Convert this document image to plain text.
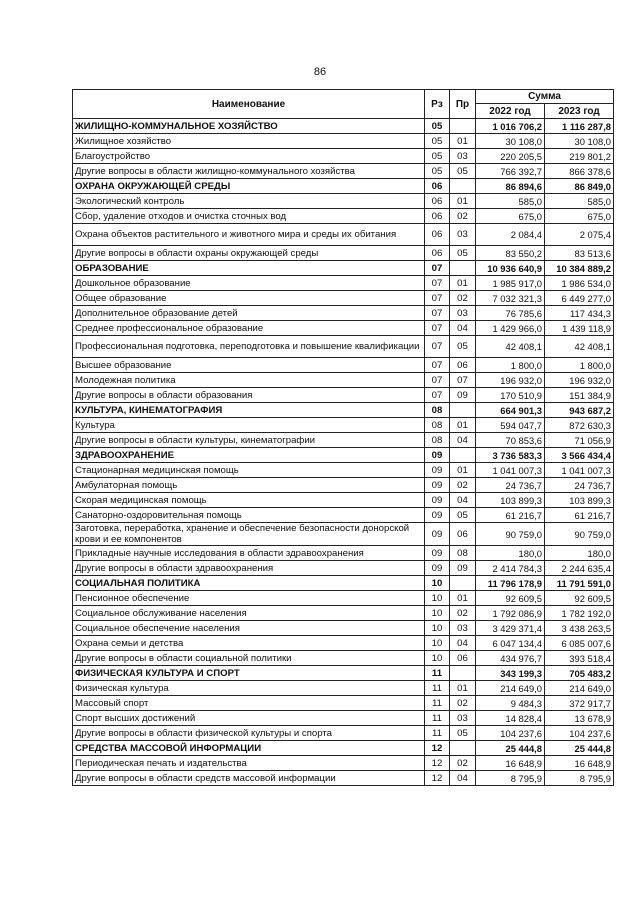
86
Наименование	Рз	Пр	Сумма	
			2022 год	2023 год
ЖИЛИЩНО-КОММУНАЛЬНОЕ ХОЗЯЙСТВО	05		1 016 706,2	1 116 287,8
Жилищное хозяйство	05	01	30 108,0	30 108,0
Благоустройство	05	03	220 205,5	219 801,2
Другие вопросы в области жилищно-коммунального хозяйства	05	05	766 392,7	866 378,6
ОХРАНА ОКРУЖАЮЩЕЙ СРЕДЫ	06		86 894,6	86 849,0
Экологический контроль	06	01	585,0	585,0
Сбор, удаление отходов и очистка сточных вод	06	02	675,0	675,0
Охрана объектов растительного и животного мира и среды их обитания	06	03	2 084,4	2 075,4
Другие вопросы в области охраны окружающей среды	06	05	83 550,2	83 513,6
ОБРАЗОВАНИЕ	07		10 936 640,9	10 384 889,2
Дошкольное образование	07	01	1 985 917,0	1 986 534,0
Общее образование	07	02	7 032 321,3	6 449 277,0
Дополнительное образование детей	07	03	76 785,6	117 434,3
Среднее профессиональное образование	07	04	1 429 966,0	1 439 118,9
Профессиональная подготовка, переподготовка и повышение квалификации	07	05	42 408,1	42 408,1
Высшее образование	07	06	1 800,0	1 800,0
Молодежная политика	07	07	196 932,0	196 932,0
Другие вопросы в области образования	07	09	170 510,9	151 384,9
КУЛЬТУРА, КИНЕМАТОГРАФИЯ	08		664 901,3	943 687,2
Культура	08	01	594 047,7	872 630,3
Другие вопросы в области культуры, кинематографии	08	04	70 853,6	71 056,9
ЗДРАВООХРАНЕНИЕ	09		3 736 583,3	3 566 434,4
Стационарная медицинская помощь	09	01	1 041 007,3	1 041 007,3
Амбулаторная помощь	09	02	24 736,7	24 736,7
Скорая медицинская помощь	09	04	103 899,3	103 899,3
Санаторно-оздоровительная помощь	09	05	61 216,7	61 216,7
Заготовка, переработка, хранение и обеспечение безопасности донорской крови и ее компонентов	09	06	90 759,0	90 759,0
Прикладные научные исследования в области здравоохранения	09	08	180,0	180,0
Другие вопросы в области здравоохранения	09	09	2 414 784,3	2 244 635,4
СОЦИАЛЬНАЯ ПОЛИТИКА	10		11 796 178,9	11 791 591,0
Пенсионное обеспечение	10	01	92 609,5	92 609,5
Социальное обслуживание населения	10	02	1 792 086,9	1 782 192,0
Социальное обеспечение населения	10	03	3 429 371,4	3 438 263,5
Охрана семьи и детства	10	04	6 047 134,4	6 085 007,6
Другие вопросы в области социальной политики	10	06	434 976,7	393 518,4
ФИЗИЧЕСКАЯ КУЛЬТУРА И СПОРТ	11		343 199,3	705 483,2
Физическая культура	11	01	214 649,0	214 649,0
Массовый спорт	11	02	9 484,3	372 917,7
Спорт высших достижений	11	03	14 828,4	13 678,9
Другие вопросы в области физической культуры и спорта	11	05	104 237,6	104 237,6
СРЕДСТВА МАССОВОЙ ИНФОРМАЦИИ	12		25 444,8	25 444,8
Периодическая печать и издательства	12	02	16 648,9	16 648,9
Другие вопросы в области средств массовой информации	12	04	8 795,9	8 795,9
